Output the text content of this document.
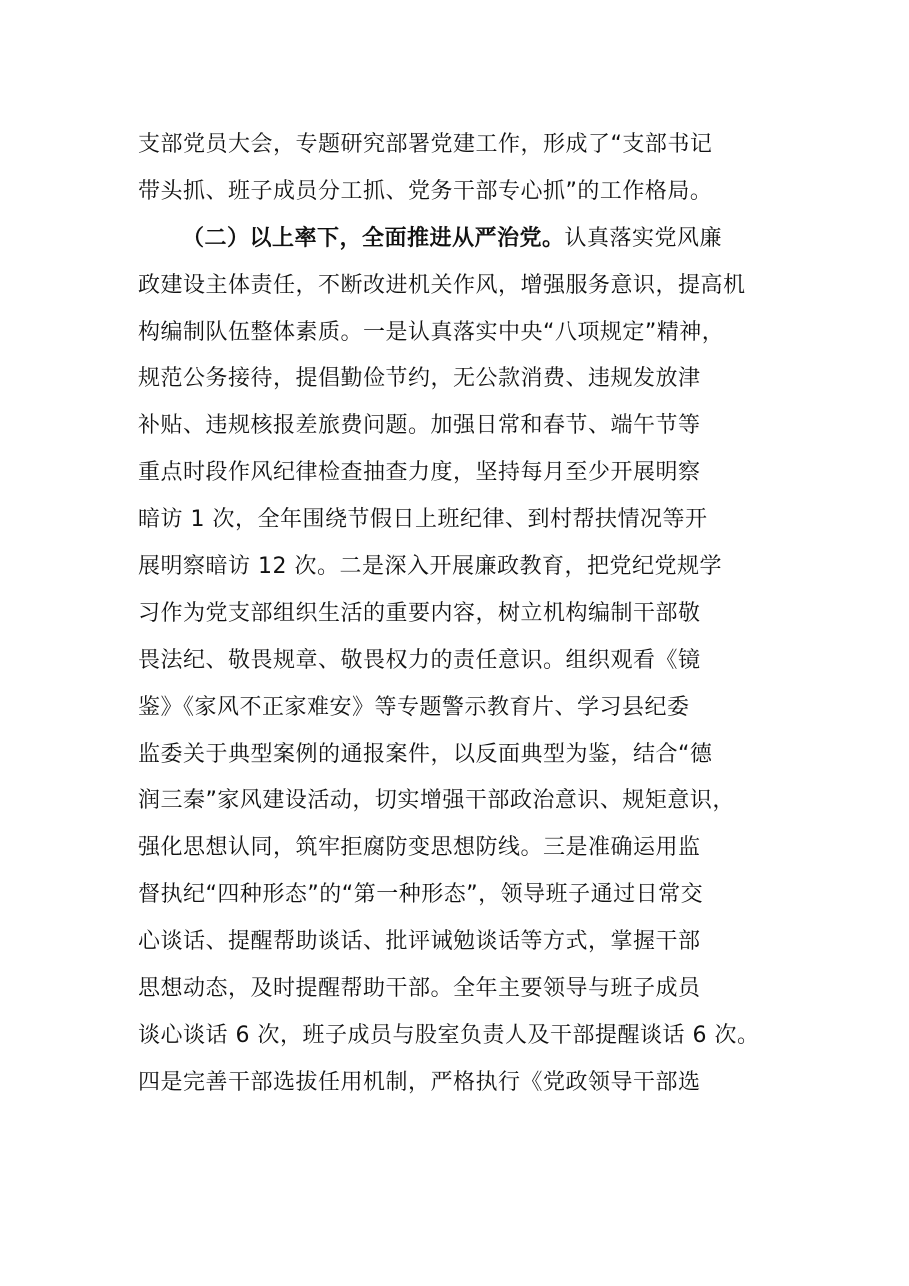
支部党员大会，专题研究部署党建工作，形成了“支部书记
带头抓、班子成员分工抓、党务干部专心抓”的工作格局。
（二）以上率下，全面推进从严治党。认真落实党风廉
政建设主体责任，不断改进机关作风，增强服务意识，提高机
构编制队伍整体素质。一是认真落实中央“八项规定”精神，
规范公务接待，提倡勤俭节约，无公款消费、违规发放津
补贴、违规核报差旅费问题。加强日常和春节、端午节等
重点时段作风纪律检查抽查力度，坚持每月至少开展明察
暗访 1 次，全年围绕节假日上班纪律、到村帮扶情况等开
展明察暗访 12 次。二是深入开展廉政教育，把党纪党规学
习作为党支部组织生活的重要内容，树立机构编制干部敬
畏法纪、敬畏规章、敬畏权力的责任意识。组织观看《镜
鉴》《家风不正家难安》等专题警示教育片、学习县纪委
监委关于典型案例的通报案件，以反面典型为鉴，结合“德
润三秦”家风建设活动，切实增强干部政治意识、规矩意识，
强化思想认同，筑牢拒腐防变思想防线。三是准确运用监
督执纪“四种形态”的“第一种形态”，领导班子通过日常交
心谈话、提醒帮助谈话、批评诫勉谈话等方式，掌握干部
思想动态，及时提醒帮助干部。全年主要领导与班子成员
谈心谈话 6 次，班子成员与股室负责人及干部提醒谈话 6 次。
四是完善干部选拔任用机制，严格执行《党政领导干部选
